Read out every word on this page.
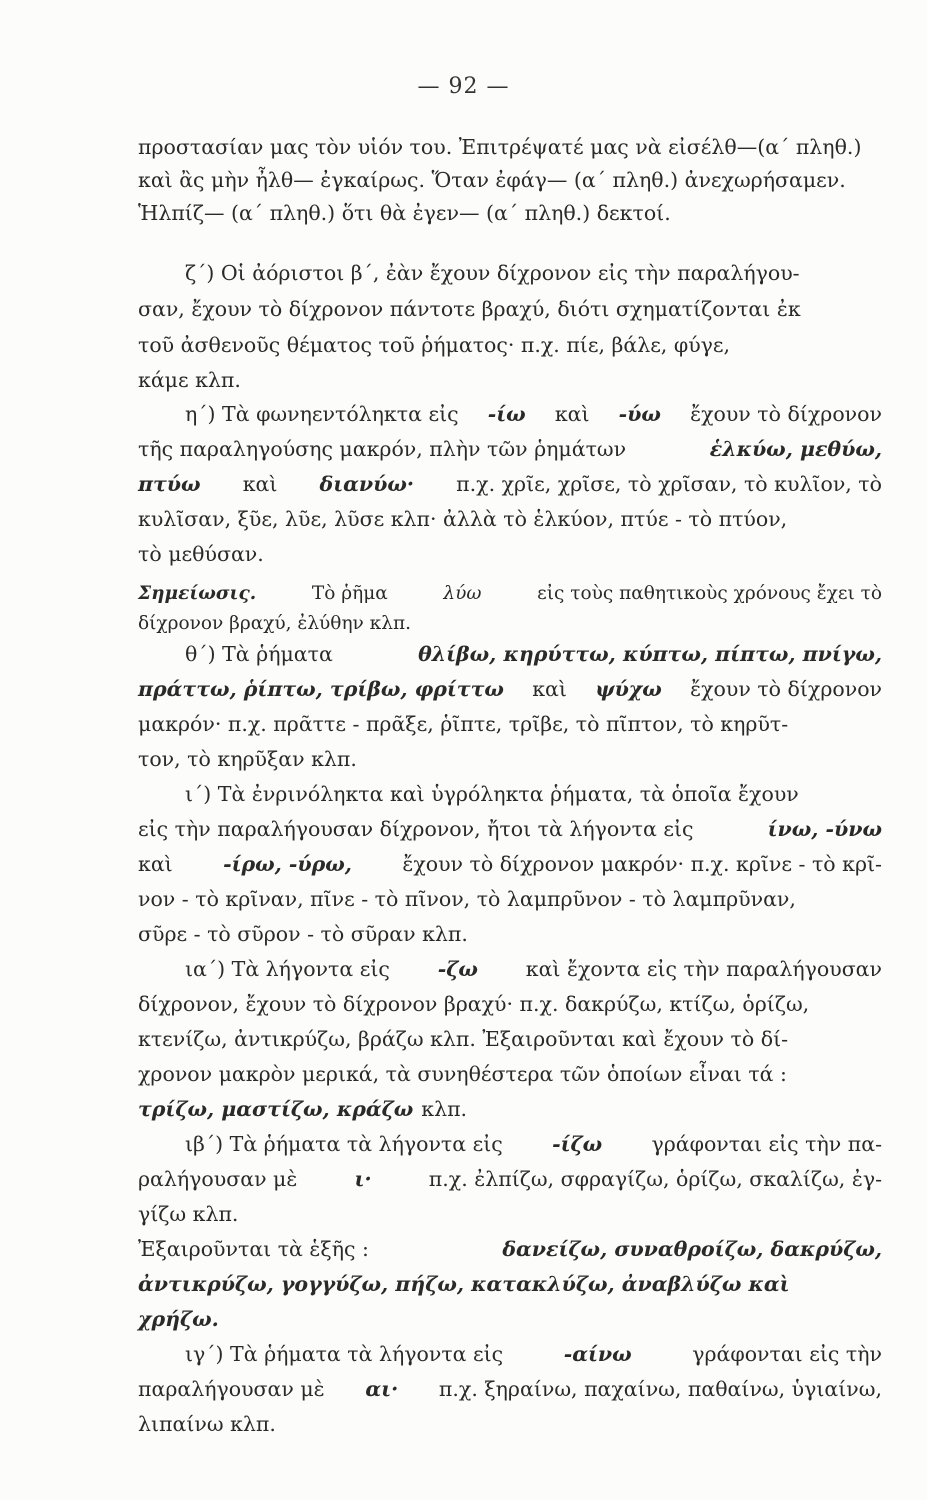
— 92 —
προστασίαν μας τὸν υἱόν του. Ἐπιτρέψατέ μας νὰ εἰσέλθ—(α΄ πληθ.)
καὶ ἂς μὴν ἦλθ— ἐγκαίρως. Ὅταν ἐφάγ— (α΄ πληθ.) ἀνεχωρήσαμεν.
Ἡλπίζ— (α΄ πληθ.) ὅτι θὰ ἐγεν— (α΄ πληθ.) δεκτοί.
ζ΄) Οἱ ἀόριστοι β΄, ἐὰν ἔχουν δίχρονον εἰς τὴν παραλήγου-
σαν, ἔχουν τὸ δίχρονον πάντοτε βραχύ, διότι σχηματίζονται ἐκ
τοῦ ἀσθενοῦς θέματος τοῦ ῥήματος· π.χ. πίε, βάλε, φύγε,
κάμε κλπ.
η΄) Τὰ φωνηεντόληκτα εἰς -ίω καὶ -ύω ἔχουν τὸ δίχρονον
τῆς παραληγούσης μακρόν, πλὴν τῶν ῥημάτων	ἑλκύω, μεθύω,
πτύω καὶ διανύω· π.χ. χρῖε, χρῖσε, τὸ χρῖσαν, τὸ κυλῖον, τὸ
κυλῖσαν, ξῦε, λῦε, λῦσε κλπ· ἀλλὰ τὸ ἑλκύον, πτύε - τὸ πτύον,
τὸ μεθύσαν.
Σημείωσις.	Τὸ ῥῆμα	λύω	εἰς τοὺς παθητικοὺς χρόνους ἔχει τὸ
δίχρονον βραχύ, ἐλύθην κλπ.
θ΄) Τὰ ῥήματα	θλίβω, κηρύττω, κύπτω, πίπτω, πνίγω,
πράττω, ῥίπτω, τρίβω, φρίττω καὶ ψύχω ἔχουν τὸ δίχρονον
μακρόν· π.χ. πρᾶττε - πρᾶξε, ῥῖπτε, τρῖβε, τὸ πῖπτον, τὸ κηρῦτ-
τον, τὸ κηρῦξαν κλπ.
ι΄) Τὰ ἐνρινόληκτα καὶ ὑγρόληκτα ῥήματα, τὰ ὁποῖα ἔχουν
εἰς τὴν παραλήγουσαν δίχρονον, ἤτοι τὰ λήγοντα εἰς	ίνω, -ύνω
καὶ -ίρω, -ύρω, ἔχουν τὸ δίχρονον μακρόν· π.χ. κρῖνε - τὸ κρῖ-
νον - τὸ κρῖναν, πῖνε - τὸ πῖνον, τὸ λαμπρῦνον - τὸ λαμπρῦναν,
σῦρε - τὸ σῦρον - τὸ σῦραν κλπ.
ια΄) Τὰ λήγοντα εἰς -ζω καὶ ἔχοντα εἰς τὴν παραλήγουσαν
δίχρονον, ἔχουν τὸ δίχρονον βραχύ· π.χ. δακρύζω, κτίζω, ὁρίζω,
κτενίζω, ἀντικρύζω, βράζω κλπ. Ἐξαιροῦνται καὶ ἔχουν τὸ δί-
χρονον μακρὸν μερικά, τὰ συνηθέστερα τῶν ὁποίων εἶναι τά :
τρίζω, μαστίζω, κράζω κλπ.
ιβ΄) Τὰ ῥήματα τὰ λήγοντα εἰς -ίζω γράφονται εἰς τὴν πα-
ραλήγουσαν μὲ	ι·	π.χ. ἐλπίζω, σφραγίζω, ὁρίζω, σκαλίζω, ἐγ-
γίζω κλπ.
Ἐξαιροῦνται τὰ ἑξῆς :	δανείζω, συναθροίζω, δακρύζω,
ἀντικρύζω, γογγύζω, πήζω, κατακλύζω, ἀναβλύζω καὶ
χρήζω.
ιγ΄) Τὰ ῥήματα τὰ λήγοντα εἰς	-αίνω	γράφονται εἰς τὴν
παραλήγουσαν μὲ αι· π.χ. ξηραίνω, παχαίνω, παθαίνω, ὑγιαίνω,
λιπαίνω κλπ.
